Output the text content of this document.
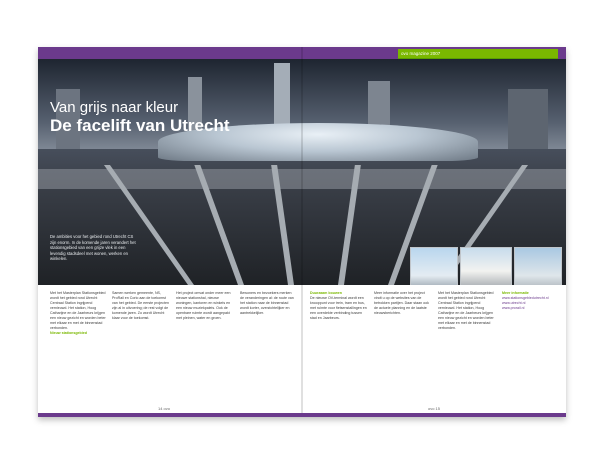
ovo magazine 2007

Van grijs naar kleur

De facelift van Utrecht

De ambities voor het gebied rond Utrecht CS zijn enorm. In de komende jaren verandert het stationsgebied van een grijze vlek in een levendig stadsdeel met wonen, werken en winkelen.
Met het Masterplan Stationsgebied wordt het gebied rond Utrecht Centraal Station ingrijpend vernieuwd. Het station, Hoog Catharijne en de Jaarbeurs krijgen een nieuw gezicht en worden beter met elkaar en met de binnenstad verbonden.
Nieuw stationsgebied
Samen werken gemeente, NS, ProRail en Corio aan de toekomst van het gebied. De eerste projecten zijn al in uitvoering; de rest volgt de komende jaren. Zo wordt Utrecht klaar voor de toekomst.
Het project omvat onder meer een nieuwe stationshal, nieuwe woningen, kantoren en winkels en een nieuw muziekpaleis. Ook de openbare ruimte wordt aangepakt met pleinen, water en groen.
Bewoners en bezoekers merken de veranderingen al: de route van het station naar de binnenstad wordt korter, overzichtelijker en aantrekkelijker.
Duurzaam bouwen
De nieuwe OV-terminal wordt een knooppunt voor trein, tram en bus, met ruimte voor fietsenstallingen en een overdekte verbinding tussen stad en Jaarbeurs.
Meer informatie over het project vindt u op de websites van de betrokken partijen. Daar staan ook de actuele planning en de laatste nieuwsberichten.
Met het Masterplan Stationsgebied wordt het gebied rond Utrecht Centraal Station ingrijpend vernieuwd. Het station, Hoog Catharijne en de Jaarbeurs krijgen een nieuw gezicht en worden beter met elkaar en met de binnenstad verbonden.
Meer informatie
www.stationsgebiedutrecht.nl
www.utrecht.nl
www.prorail.nl
14 ovo	ovo 15
